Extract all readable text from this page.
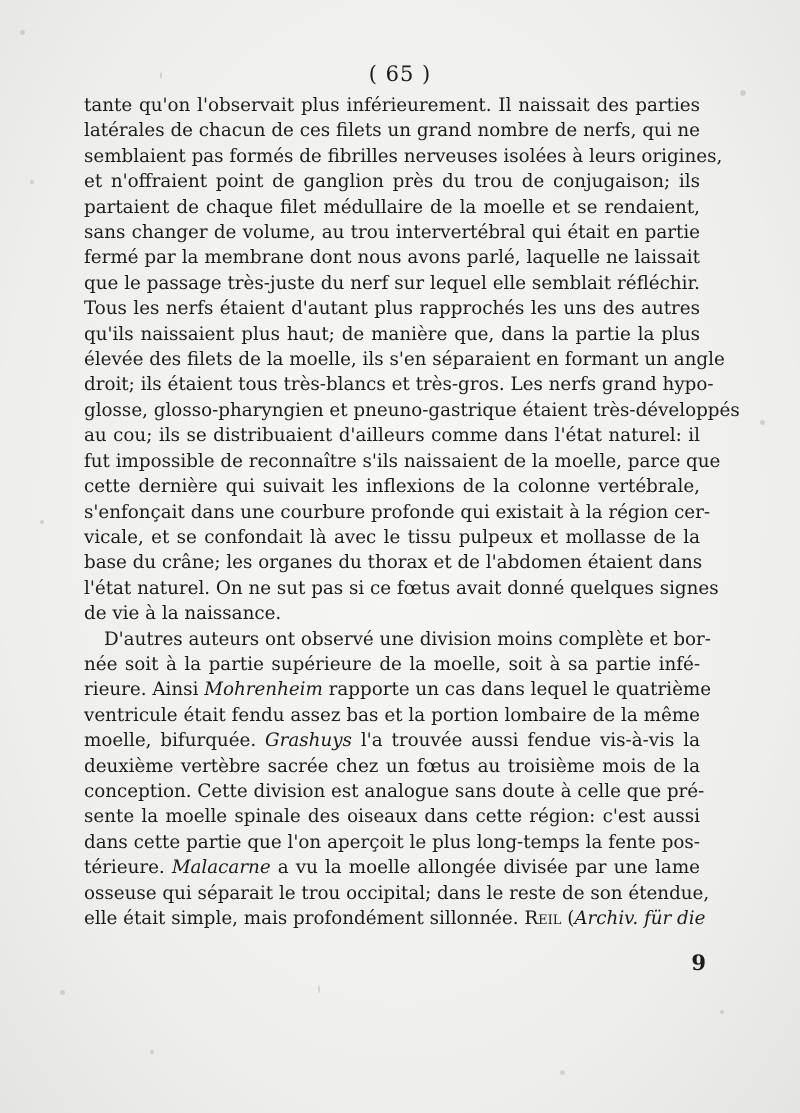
( 65 )
tante qu'on l'observait plus inférieurement. Il naissait des parties
latérales de chacun de ces filets un grand nombre de nerfs, qui ne
semblaient pas formés de fibrilles nerveuses isolées à leurs origines,
et n'offraient point de ganglion près du trou de conjugaison; ils
partaient de chaque filet médullaire de la moelle et se rendaient,
sans changer de volume, au trou intervertébral qui était en partie
fermé par la membrane dont nous avons parlé, laquelle ne laissait
que le passage très-juste du nerf sur lequel elle semblait réfléchir.
Tous les nerfs étaient d'autant plus rapprochés les uns des autres
qu'ils naissaient plus haut; de manière que, dans la partie la plus
élevée des filets de la moelle, ils s'en séparaient en formant un angle
droit; ils étaient tous très-blancs et très-gros. Les nerfs grand hypo-
glosse, glosso-pharyngien et pneuno-gastrique étaient très-développés
au cou; ils se distribuaient d'ailleurs comme dans l'état naturel: il
fut impossible de reconnaître s'ils naissaient de la moelle, parce que
cette dernière qui suivait les inflexions de la colonne vertébrale,
s'enfonçait dans une courbure profonde qui existait à la région cer-
vicale, et se confondait là avec le tissu pulpeux et mollasse de la
base du crâne; les organes du thorax et de l'abdomen étaient dans
l'état naturel. On ne sut pas si ce fœtus avait donné quelques signes
de vie à la naissance.
D'autres auteurs ont observé une division moins complète et bor-
née soit à la partie supérieure de la moelle, soit à sa partie infé-
rieure. Ainsi Mohrenheim rapporte un cas dans lequel le quatrième
ventricule était fendu assez bas et la portion lombaire de la même
moelle, bifurquée. Grashuys l'a trouvée aussi fendue vis-à-vis la
deuxième vertèbre sacrée chez un fœtus au troisième mois de la
conception. Cette division est analogue sans doute à celle que pré-
sente la moelle spinale des oiseaux dans cette région: c'est aussi
dans cette partie que l'on aperçoit le plus long-temps la fente pos-
térieure. Malacarne a vu la moelle allongée divisée par une lame
osseuse qui séparait le trou occipital; dans le reste de son étendue,
elle était simple, mais profondément sillonnée. Reil (Archiv. für die
9
